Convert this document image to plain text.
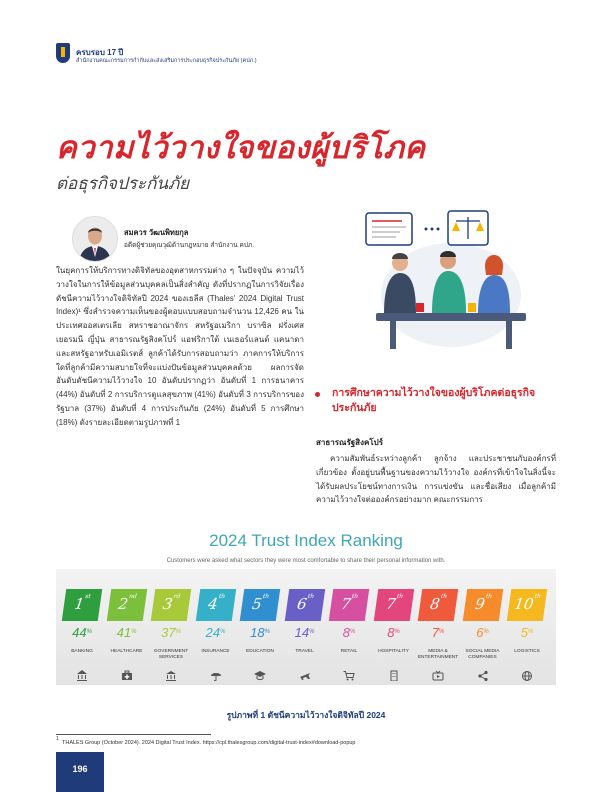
ครบรอบ 17 ปี
สำนักงานคณะกรรมการกำกับและส่งเสริมการประกอบธุรกิจประกันภัย (คปภ.)
ความไว้วางใจของผู้บริโภค
ต่อธุรกิจประกันภัย
สมควร วัฒนพิทยกุล
อดีตผู้ช่วยคุณวุฒิด้านกฎหมาย สำนักงาน คปภ.
ในยุคการให้บริการทางดิจิทัลของอุตสาหกรรมต่าง ๆ ในปัจจุบัน ความไว้วางใจในการให้ข้อมูลส่วนบุคคลเป็นสิ่งสำคัญ ดังที่ปรากฏในการวิจัยเรื่อง ดัชนีความไว้วางใจดิจิทัลปี 2024 ของเธลีส (Thales' 2024 Digital Trust Index)¹ ซึ่งสำรวจความเห็นของผู้ตอบแบบสอบถามจำนวน 12,426 คน ในประเทศออสเตรเลีย สหราชอาณาจักร สหรัฐอเมริกา บราซิล ฝรั่งเศส เยอรมนี ญี่ปุ่น สาธารณรัฐสิงคโปร์ แอฟริกาใต้ เนเธอร์แลนด์ แคนาดา และสหรัฐอาหรับเอมิเรตส์ ลูกค้าได้รับการสอบถามว่า ภาคการให้บริการใดที่ลูกค้ามีความสบายใจที่จะแบ่งปันข้อมูลส่วนบุคคลด้วย ผลการจัดอันดับดัชนีความไว้วางใจ 10 อันดับปรากฏว่า อันดับที่ 1 การธนาคาร (44%) อันดับที่ 2 การบริการดูแลสุขภาพ (41%) อันดับที่ 3 การบริการของรัฐบาล (37%) อันดับที่ 4 การประกันภัย (24%) อันดับที่ 5 การศึกษา (18%) ดังรายละเอียดตามรูปภาพที่ 1
การศึกษาความไว้วางใจของผู้บริโภคต่อธุรกิจประกันภัย
สาธารณรัฐสิงคโปร์
ความสัมพันธ์ระหว่างลูกค้า ลูกจ้าง และประชาชนกับองค์กรที่เกี่ยวข้อง ตั้งอยู่บนพื้นฐานของความไว้วางใจ องค์กรที่เข้าใจในสิ่งนี้จะได้รับผลประโยชน์ทางการเงิน การแข่งขัน และชื่อเสียง เมื่อลูกค้ามีความไว้วางใจต่อองค์กรอย่างมาก คณะกรรมการ
2024 Trust Index Ranking
Customers were asked what sectors they were most comfortable to share their personal information with.
1st
44%
BANKING
2nd
41%
HEALTHCARE
3rd
37%
GOVERNMENT SERVICES
4th
24%
INSURANCE
5th
18%
EDUCATION
6th
14%
TRAVEL
7th
8%
RETAIL
7th
8%
HOSPITALITY
8th
7%
MEDIA & ENTERTAINMENT
9th
6%
SOCIAL MEDIA COMPANIES
10th
5%
LOGISTICS
รูปภาพที่ 1 ดัชนีความไว้วางใจดิจิทัลปี 2024
1
THALES Group (October 2024). 2024 Digital Trust Index. https://cpl.thalesgroup.com/digital-trust-index#download-popup
196
